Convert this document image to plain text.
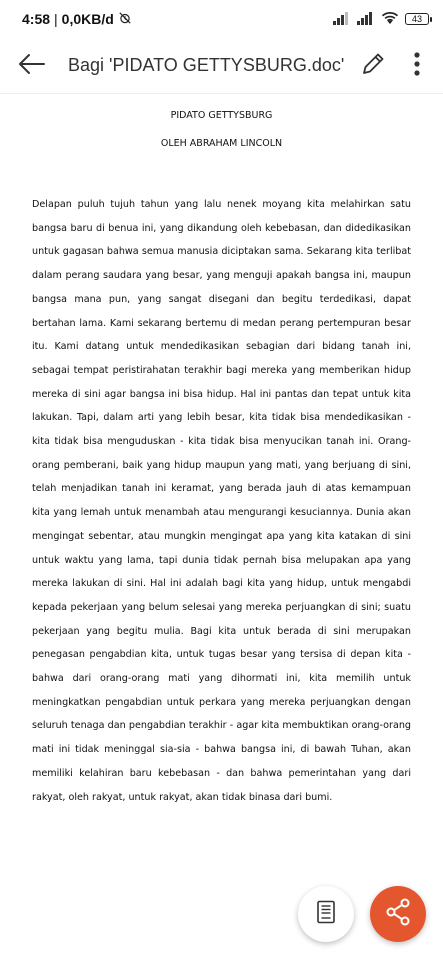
4:58 | 0,0KB/d	43
Bagi 'PIDATO GETTYSBURG.doc'
PIDATO GETTYSBURG
OLEH ABRAHAM LINCOLN
Delapan puluh tujuh tahun yang lalu nenek moyang kita melahirkan satu bangsa baru di benua ini, yang dikandung oleh kebebasan, dan didedikasikan untuk gagasan bahwa semua manusia diciptakan sama. Sekarang kita terlibat dalam perang saudara yang besar, yang menguji apakah bangsa ini, maupun bangsa mana pun, yang sangat disegani dan begitu terdedikasi, dapat bertahan lama. Kami sekarang bertemu di medan perang pertempuran besar itu. Kami datang untuk mendedikasikan sebagian dari bidang tanah ini, sebagai tempat peristirahatan terakhir bagi mereka yang memberikan hidup mereka di sini agar bangsa ini bisa hidup. Hal ini pantas dan tepat untuk kita lakukan. Tapi, dalam arti yang lebih besar, kita tidak bisa mendedikasikan - kita tidak bisa menguduskan - kita tidak bisa menyucikan tanah ini. Orang-orang pemberani, baik yang hidup maupun yang mati, yang berjuang di sini, telah menjadikan tanah ini keramat, yang berada jauh di atas kemampuan kita yang lemah untuk menambah atau mengurangi kesuciannya. Dunia akan mengingat sebentar, atau mungkin mengingat apa yang kita katakan di sini untuk waktu yang lama, tapi dunia tidak pernah bisa melupakan apa yang mereka lakukan di sini. Hal ini adalah bagi kita yang hidup, untuk mengabdi kepada pekerjaan yang belum selesai yang mereka perjuangkan di sini; suatu pekerjaan yang begitu mulia. Bagi kita untuk berada di sini merupakan penegasan pengabdian kita, untuk tugas besar yang tersisa di depan kita - bahwa dari orang-orang mati yang dihormati ini, kita memilih untuk meningkatkan pengabdian untuk perkara yang mereka perjuangkan dengan seluruh tenaga dan pengabdian terakhir - agar kita membuktikan orang-orang mati ini tidak meninggal sia-sia - bahwa bangsa ini, di bawah Tuhan, akan memiliki kelahiran baru kebebasan - dan bahwa pemerintahan yang dari rakyat, oleh rakyat, untuk rakyat, akan tidak binasa dari bumi.
